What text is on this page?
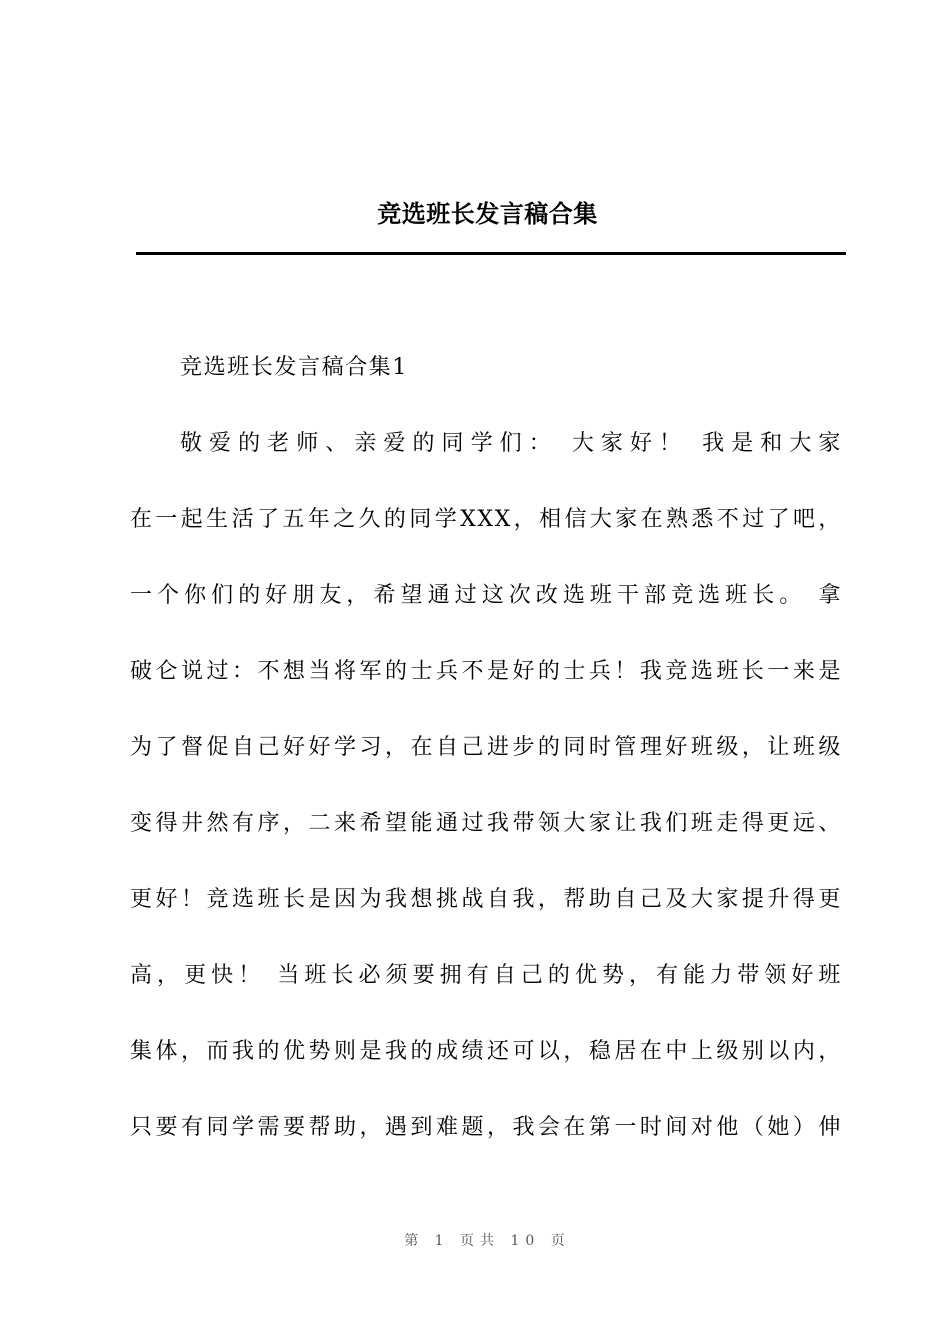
竞选班长发言稿合集
竞选班长发言稿合集1
敬爱的老师、亲爱的同学们： 大家好！ 我是和大家
在一起生活了五年之久的同学XXX，相信大家在熟悉不过了吧，
一个你们的好朋友，希望通过这次改选班干部竞选班长。 拿
破仑说过：不想当将军的士兵不是好的士兵！我竞选班长一来是
为了督促自己好好学习，在自己进步的同时管理好班级，让班级
变得井然有序，二来希望能通过我带领大家让我们班走得更远、
更好！竞选班长是因为我想挑战自我，帮助自己及大家提升得更
高，更快！ 当班长必须要拥有自己的优势，有能力带领好班
集体，而我的优势则是我的成绩还可以，稳居在中上级别以内，
只要有同学需要帮助，遇到难题，我会在第一时间对他（她）伸
第 1 页共 10 页
